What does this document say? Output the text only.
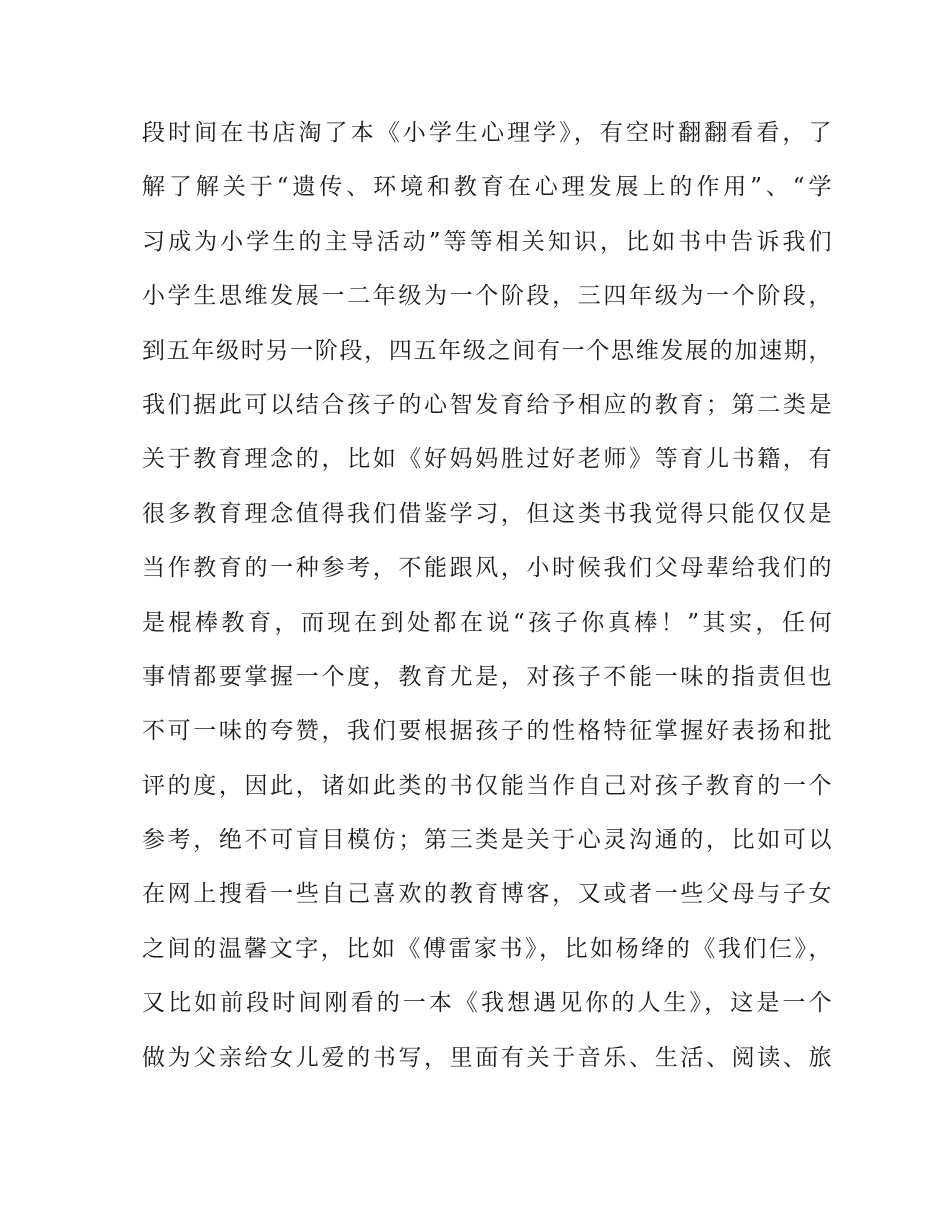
段时间在书店淘了本《小学生心理学》，有空时翻翻看看，了
解了解关于“遗传、环境和教育在心理发展上的作用”、“学
习成为小学生的主导活动”等等相关知识，比如书中告诉我们
小学生思维发展一二年级为一个阶段，三四年级为一个阶段，
到五年级时另一阶段，四五年级之间有一个思维发展的加速期，
我们据此可以结合孩子的心智发育给予相应的教育；第二类是
关于教育理念的，比如《好妈妈胜过好老师》等育儿书籍，有
很多教育理念值得我们借鉴学习，但这类书我觉得只能仅仅是
当作教育的一种参考，不能跟风，小时候我们父母辈给我们的
是棍棒教育，而现在到处都在说“孩子你真棒！”其实，任何
事情都要掌握一个度，教育尤是，对孩子不能一味的指责但也
不可一味的夸赞，我们要根据孩子的性格特征掌握好表扬和批
评的度，因此，诸如此类的书仅能当作自己对孩子教育的一个
参考，绝不可盲目模仿；第三类是关于心灵沟通的，比如可以
在网上搜看一些自己喜欢的教育博客，又或者一些父母与子女
之间的温馨文字，比如《傅雷家书》，比如杨绛的《我们仨》，
又比如前段时间刚看的一本《我想遇见你的人生》，这是一个
做为父亲给女儿爱的书写，里面有关于音乐、生活、阅读、旅
